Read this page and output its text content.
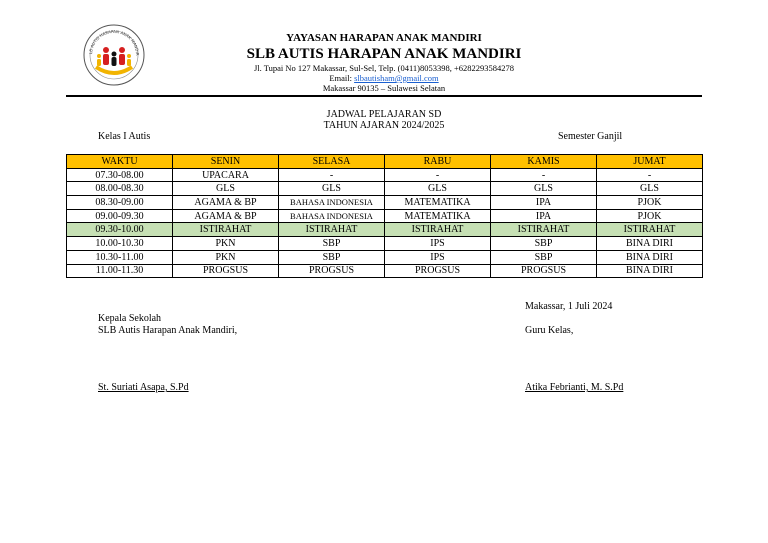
LB AUTIS HARAPAN ANAK MANDIR
YAYASAN HARAPAN ANAK MANDIRI
SLB AUTIS HARAPAN ANAK MANDIRI
Jl. Tupai No 127 Makassar, Sul-Sel, Telp. (0411)8053398, +6282293584278
Email: slbautisham@gmail.com
Makassar 90135 – Sulawesi Selatan
JADWAL PELAJARAN SD
TAHUN AJARAN 2024/2025
Kelas I Autis	Semester Ganjil
WAKTU	SENIN	SELASA	RABU	KAMIS	JUMAT
07.30-08.00	UPACARA	-	-	-	-
08.00-08.30	GLS	GLS	GLS	GLS	GLS
08.30-09.00	AGAMA & BP	BAHASA INDONESIA	MATEMATIKA	IPA	PJOK
09.00-09.30	AGAMA & BP	BAHASA INDONESIA	MATEMATIKA	IPA	PJOK
09.30-10.00	ISTIRAHAT	ISTIRAHAT	ISTIRAHAT	ISTIRAHAT	ISTIRAHAT
10.00-10.30	PKN	SBP	IPS	SBP	BINA DIRI
10.30-11.00	PKN	SBP	IPS	SBP	BINA DIRI
11.00-11.30	PROGSUS	PROGSUS	PROGSUS	PROGSUS	BINA DIRI
Makassar, 1 Juli 2024
Kepala Sekolah
SLB Autis Harapan Anak Mandiri,	Guru Kelas,
St. Suriati Asapa, S.Pd	Atika Febrianti, M. S.Pd
